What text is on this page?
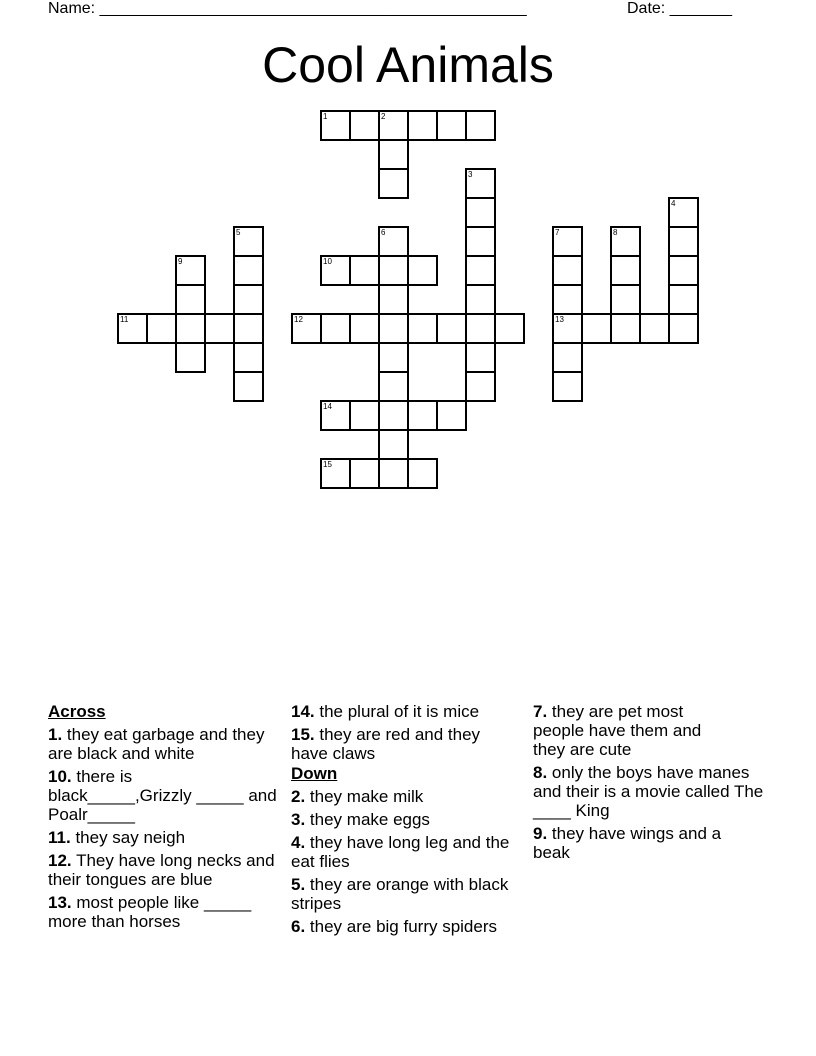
Name: ________________________________________________	Date: _______
Cool Animals
1	2
3
4
5	6	7
13
8
9	10
11	12
14
15
Across
1. they eat garbage and they are black and white
10. there is black_____,Grizzly _____ and Poalr_____
11. they say neigh
12. They have long necks and their tongues are blue
13. most people like _____ more than horses
14. the plural of it is mice
15. they are red and they have claws
Down
2. they make milk
3. they make eggs
4. they have long leg and the eat flies
5. they are orange with black stripes
6. they are big furry spiders
7. they are pet most people have them and they are cute
8. only the boys have manes and their is a movie called The ____ King
9. they have wings and a beak
